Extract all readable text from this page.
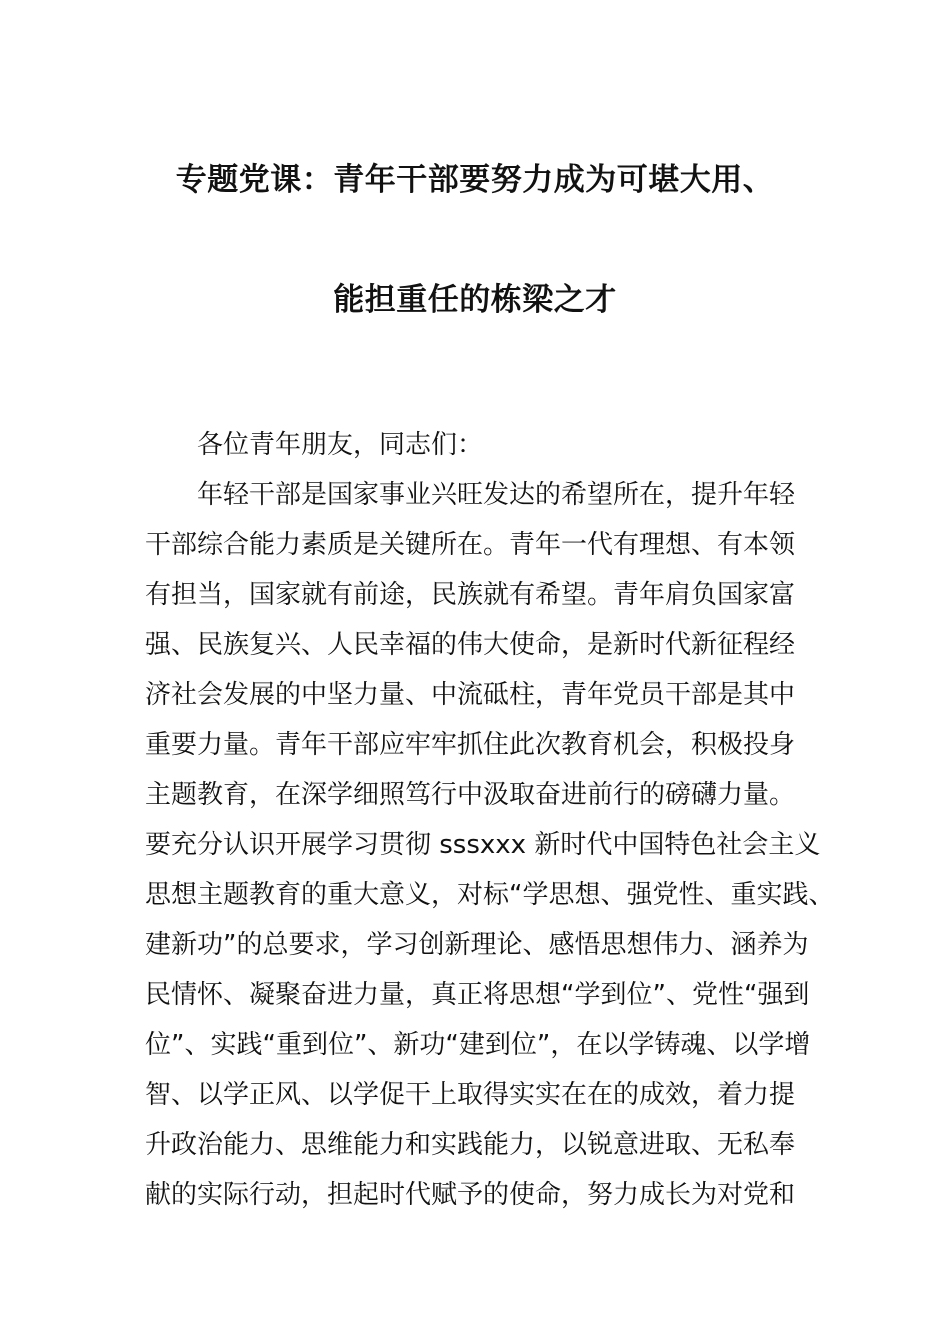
专题党课：青年干部要努力成为可堪大用、
能担重任的栋梁之才
各位青年朋友，同志们：
年轻干部是国家事业兴旺发达的希望所在，提升年轻
干部综合能力素质是关键所在。青年一代有理想、有本领
有担当，国家就有前途，民族就有希望。青年肩负国家富
强、民族复兴、人民幸福的伟大使命，是新时代新征程经
济社会发展的中坚力量、中流砥柱，青年党员干部是其中
重要力量。青年干部应牢牢抓住此次教育机会，积极投身
主题教育，在深学细照笃行中汲取奋进前行的磅礴力量。
要充分认识开展学习贯彻 sssxxx 新时代中国特色社会主义
思想主题教育的重大意义，对标“学思想、强党性、重实践、
建新功”的总要求，学习创新理论、感悟思想伟力、涵养为
民情怀、凝聚奋进力量，真正将思想“学到位”、党性“强到
位”、实践“重到位”、新功“建到位”，在以学铸魂、以学增
智、以学正风、以学促干上取得实实在在的成效，着力提
升政治能力、思维能力和实践能力，以锐意进取、无私奉
献的实际行动，担起时代赋予的使命，努力成长为对党和
